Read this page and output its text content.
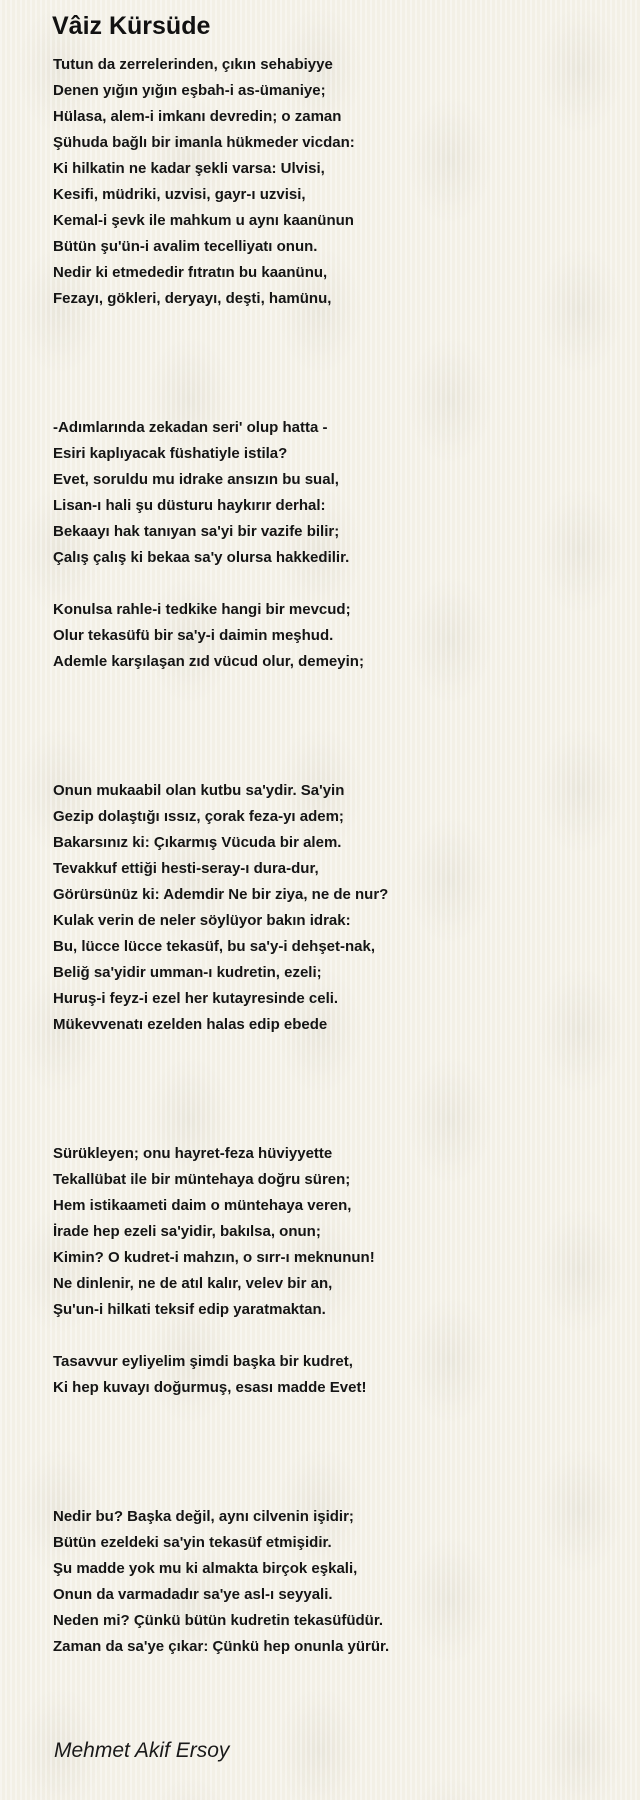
Vâiz Kürsüde
Tutun da zerrelerinden, çıkın sehabiyye
Denen yığın yığın eşbah-i as-ümaniye;
Hülasa, alem-i imkanı devredin; o zaman
Şühuda bağlı bir imanla hükmeder vicdan:
Ki hilkatin ne kadar şekli varsa: Ulvisi,
Kesifi, müdriki, uzvisi, gayr-ı uzvisi,
Kemal-i şevk ile mahkum u aynı kaanünun
Bütün şu'ün-i avalim tecelliyatı onun.
Nedir ki etmededir fıtratın bu kaanünu,
Fezayı, gökleri, deryayı, deşti, hamünu,
-Adımlarında zekadan seri' olup hatta -
Esiri kaplıyacak füshatiyle istila?
Evet, soruldu mu idrake ansızın bu sual,
Lisan-ı hali şu düsturu haykırır derhal:
Bekaayı hak tanıyan sa'yi bir vazife bilir;
Çalış çalış ki bekaa sa'y olursa hakkedilir.
Konulsa rahle-i tedkike hangi bir mevcud;
Olur tekasüfü bir sa'y-i daimin meşhud.
Ademle karşılaşan zıd vücud olur, demeyin;
Onun mukaabil olan kutbu sa'ydir. Sa'yin
Gezip dolaştığı ıssız, çorak feza-yı adem;
Bakarsınız ki: Çıkarmış Vücuda bir alem.
Tevakkuf ettiği hesti-seray-ı dura-dur,
Görürsünüz ki: Ademdir Ne bir ziya, ne de nur?
Kulak verin de neler söylüyor bakın idrak:
Bu, lücce lücce tekasüf, bu sa'y-i dehşet-nak,
Beliğ sa'yidir umman-ı kudretin, ezeli;
Huruş-i feyz-i ezel her kutayresinde celi.
Mükevvenatı ezelden halas edip ebede
Sürükleyen; onu hayret-feza hüviyyette
Tekallübat ile bir müntehaya doğru süren;
Hem istikaameti daim o müntehaya veren,
İrade hep ezeli sa'yidir, bakılsa, onun;
Kimin? O kudret-i mahzın, o sırr-ı meknunun!
Ne dinlenir, ne de atıl kalır, velev bir an,
Şu'un-i hilkati teksif edip yaratmaktan.
Tasavvur eyliyelim şimdi başka bir kudret,
Ki hep kuvayı doğurmuş, esası madde Evet!
Nedir bu? Başka değil, aynı cilvenin işidir;
Bütün ezeldeki sa'yin tekasüf etmişidir.
Şu madde yok mu ki almakta birçok eşkali,
Onun da varmadadır sa'ye asl-ı seyyali.
Neden mi? Çünkü bütün kudretin tekasüfüdür.
Zaman da sa'ye çıkar: Çünkü hep onunla yürür.
Mehmet Akif Ersoy
